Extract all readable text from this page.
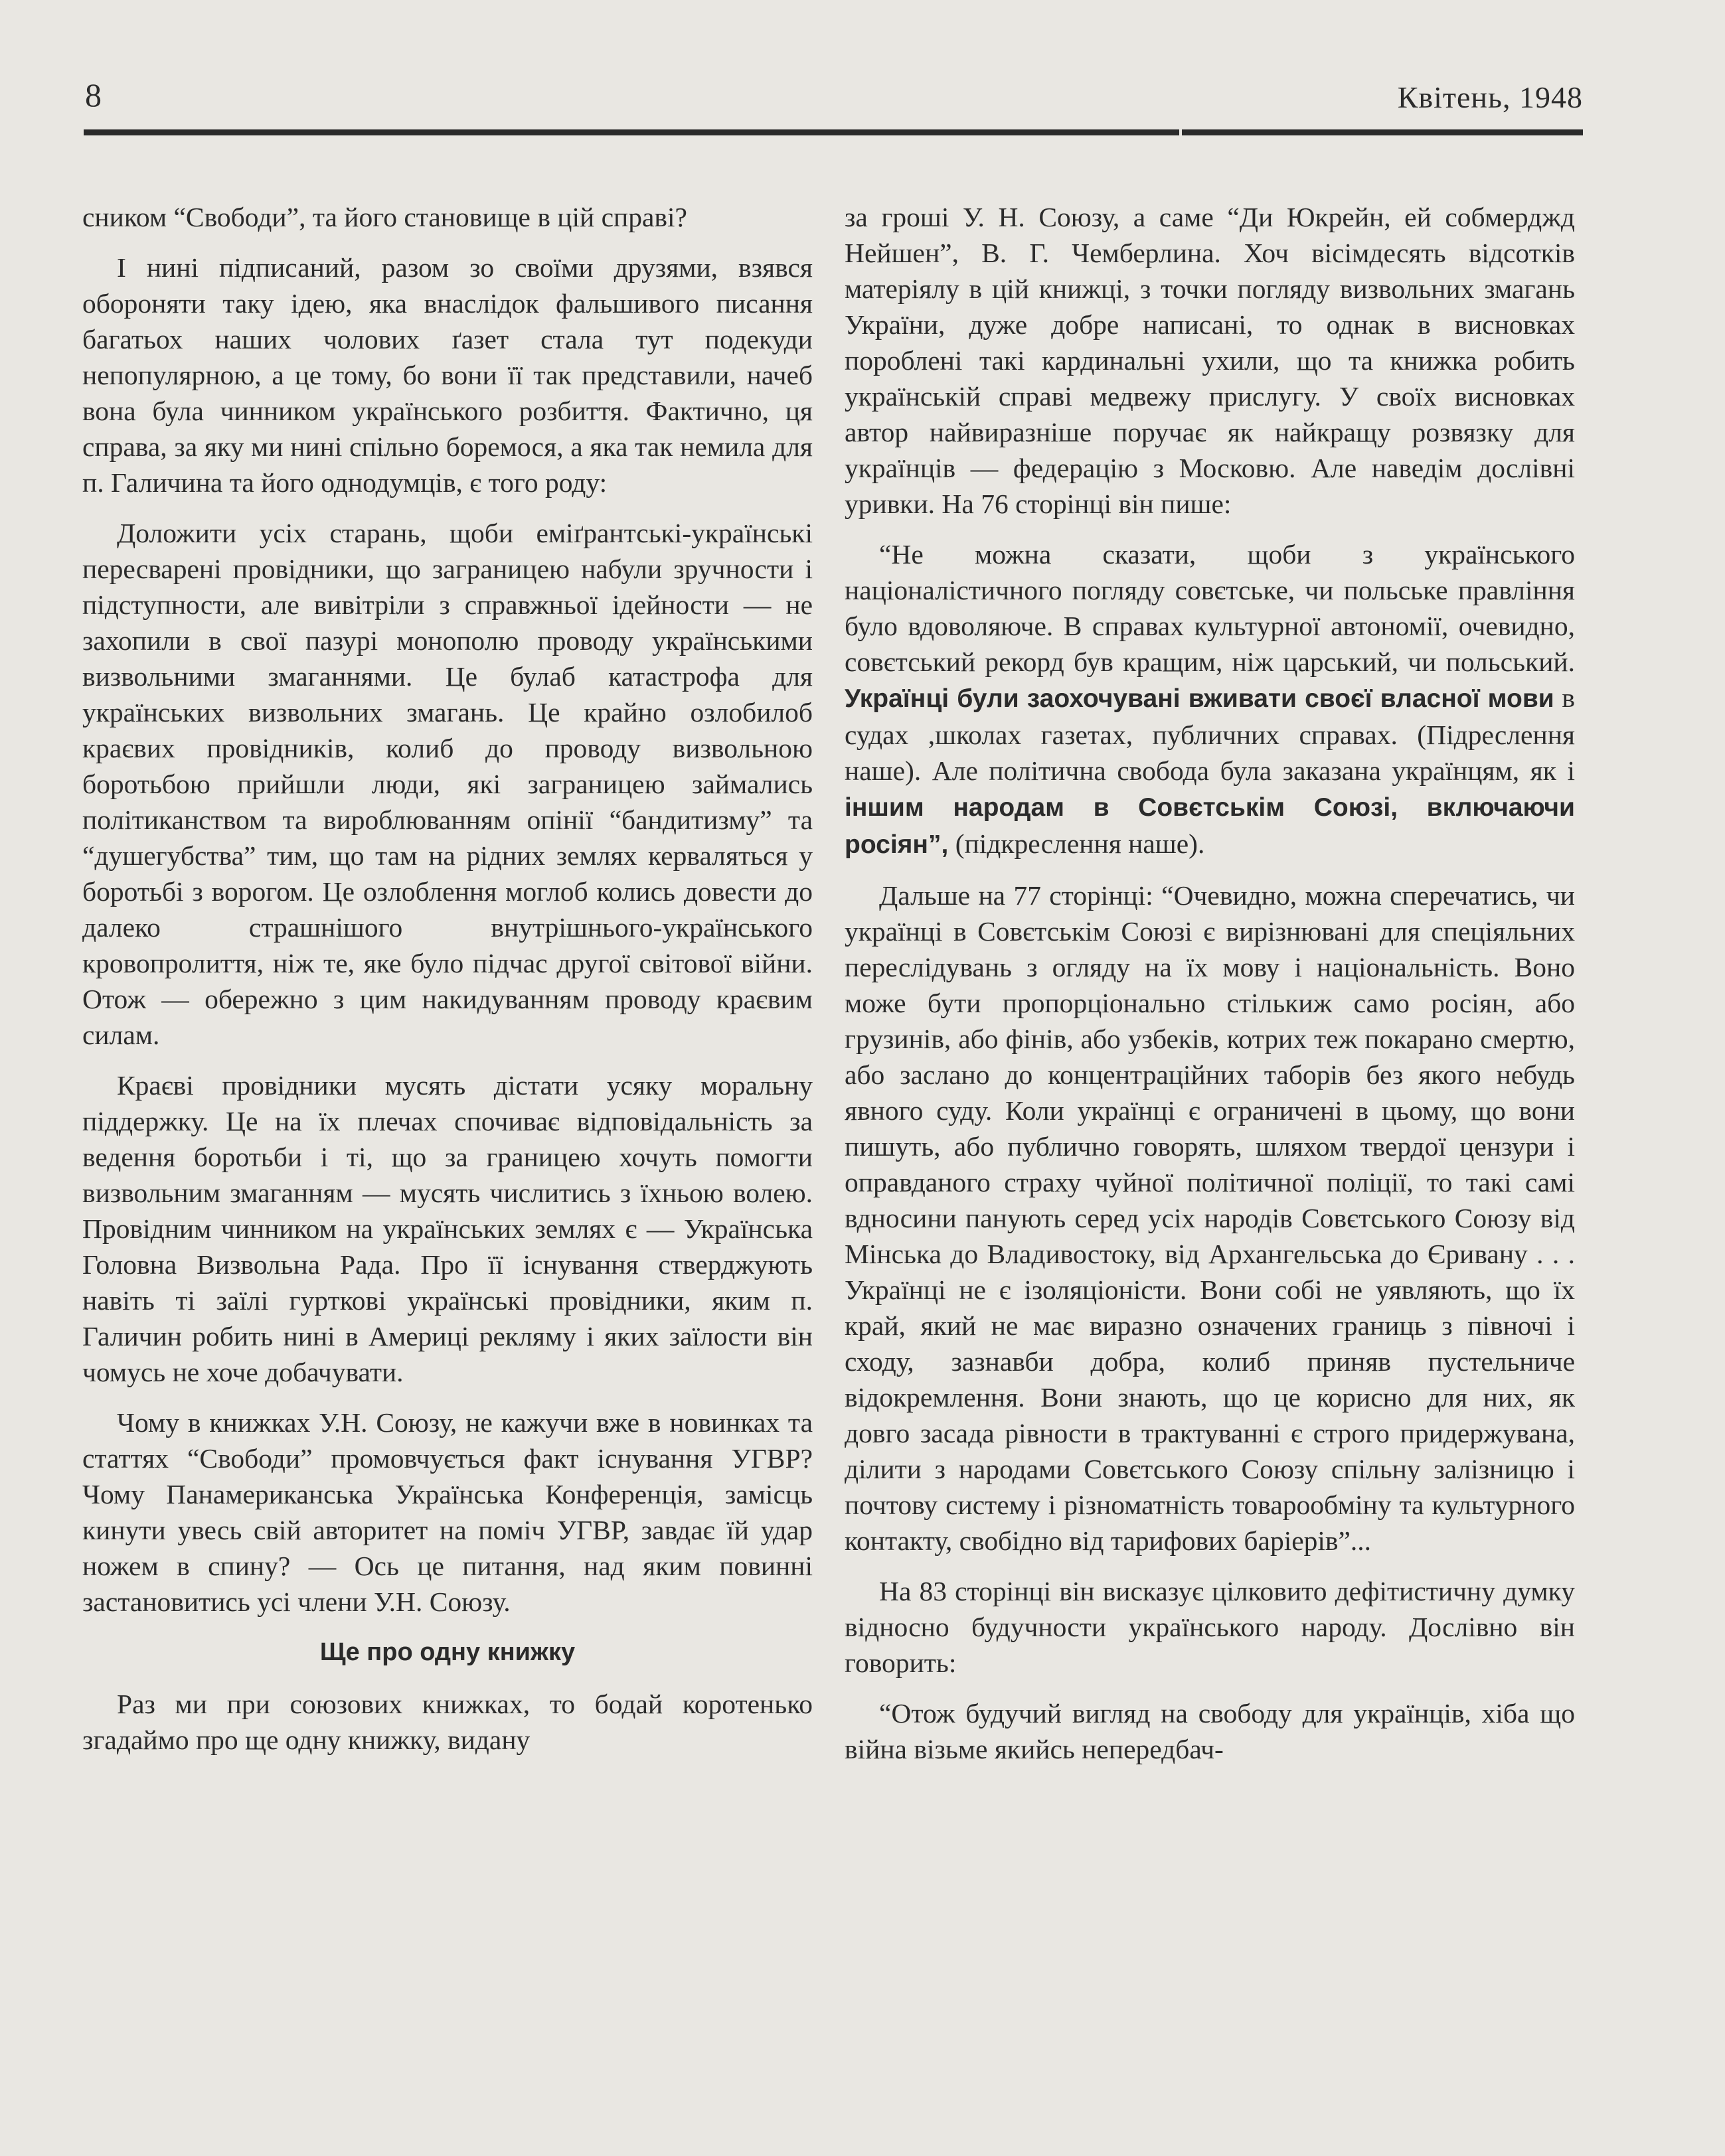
8	Квітень, 1948

сником “Свободи”, та його становище в цій справі?

І нині підписаний, разом зо своїми друзями, взявся обороняти таку ідею, яка внаслідок фальшивого писання багатьох наших чолових ґазет стала тут подекуди непопулярною, а це тому, бо вони її так представили, начеб вона була чинником українського розбиття. Фактично, ця справа, за яку ми нині спільно боремося, а яка так немила для п. Галичина та його однодумців, є того роду:

Доложити усіх старань, щоби еміґрантські-українські пересварені провідники, що заграницею набули зручности і підступности, але вивітріли з справжньої ідейности — не захопили в свої пазурі монополю проводу українськими визвольними змаганнями. Це булаб катастрофа для українських визвольних змагань. Це крайно озлобилоб краєвих провідників, колиб до проводу визвольною боротьбою прийшли люди, які заграницею займались політиканством та вироблюванням опінії “бандитизму” та “душегубства” тим, що там на рідних землях керваляться у боротьбі з ворогом. Це озлоблення моглоб колись довести до далеко страшнішого внутрішнього-українського кровопролиття, ніж те, яке було підчас другої світової війни. Отож — обережно з цим накидуванням проводу краєвим силам.

Краєві провідники мусять дістати усяку моральну піддержку. Це на їх плечах спочиває відповідальність за ведення боротьби і ті, що за границею хочуть помогти визвольним змаганням — мусять числитись з їхньою волею. Провідним чинником на українських землях є — Українська Головна Визвольна Рада. Про її існування стверджують навіть ті заїлі гурткові українські провідники, яким п. Галичин робить нині в Америці рекляму і яких заїлости він чомусь не хоче добачувати.

Чому в книжках У.Н. Союзу, не кажучи вже в новинках та статтях “Свободи” промовчується факт існування УГВР? Чому Панамериканська Українська Конференція, замісць кинути увесь свій авторитет на поміч УГВР, завдає їй удар ножем в спину? — Ось це питання, над яким повинні застановитись усі члени У.Н. Союзу.

Ще про одну книжку

Раз ми при союзових книжках, то бодай коротенько згадаймо про ще одну книжку, видану

за гроші У. Н. Союзу, а саме “Ди Юкрейн, ей собмерджд Нейшен”, В. Г. Чемберлина. Хоч вісімдесять відсотків матеріялу в цій книжці, з точки погляду визвольних змагань України, дуже добре написані, то однак в висновках пороблені такі кардинальні ухили, що та книжка робить українській справі медвежу прислугу. У своїх висновках автор найвиразніше поручає як найкращу розвязку для українців — федерацію з Московю. Але наведім дослівні уривки. На 76 сторінці він пише:

“Не можна сказати, щоби з українського націоналістичного погляду совєтське, чи польське правління було вдоволяюче. В справах культурної автономії, очевидно, совєтський рекорд був кращим, ніж царський, чи польський. Українці були заохочувані вживати своєї власної мови в судах ,школах газетах, публичних справах. (Підреслення наше). Але політична свобода була заказана українцям, як і іншим народам в Совєтськім Союзі, включаючи росіян”, (підкреслення наше).

Дальше на 77 сторінці: “Очевидно, можна сперечатись, чи українці в Совєтськім Союзі є вирізнювані для спеціяльних переслідувань з огляду на їх мову і національність. Воно може бути пропорціонально стількиж само росіян, або грузинів, або фінів, або узбеків, котрих теж покарано смертю, або заслано до концентраційних таборів без якого небудь явного суду. Коли українці є ограничені в цьому, що вони пишуть, або публично говорять, шляхом твердої цензури і оправданого страху чуйної політичної поліції, то такі самі вдносини панують серед усіх народів Совєтського Союзу від Мінська до Владивостоку, від Архангельська до Єривану . . . Українці не є ізоляціоністи. Вони собі не уявляють, що їх край, який не має виразно означених границь з півночі і сходу, зазнавби добра, колиб приняв пустельниче відокремлення. Вони знають, що це корисно для них, як довго засада рівности в трактуванні є строго придержувана, ділити з народами Совєтського Союзу спільну залізницю і почтову систему і різноматність товарообміну та культурного контакту, свобідно від тарифових баріерів”...

На 83 сторінці він висказує цілковито дефітистичну думку відносно будучности українського народу. Дослівно він говорить:

“Отож будучий вигляд на свободу для українців, хіба що війна візьме якийсь непередбач-
